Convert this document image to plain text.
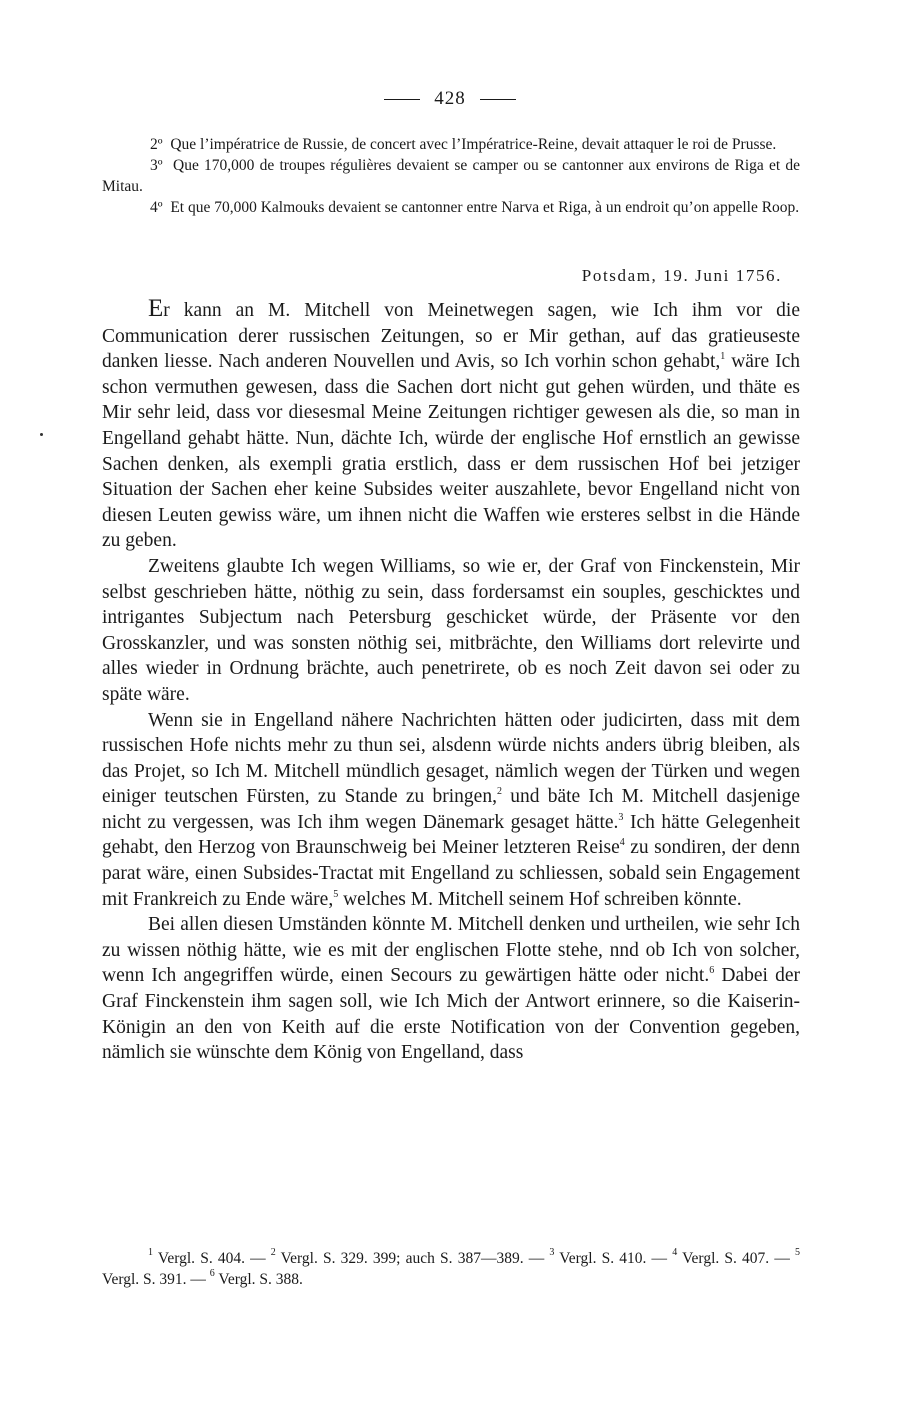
428

2º Que l’impératrice de Russie, de concert avec l’Impératrice-Reine, devait attaquer le roi de Prusse.

3º Que 170,000 de troupes régulières devaient se camper ou se cantonner aux environs de Riga et de Mitau.

4º Et que 70,000 Kalmouks devaient se cantonner entre Narva et Riga, à un endroit qu’on appelle Roop.

Potsdam, 19. Juni 1756.

Er kann an M. Mitchell von Meinetwegen sagen, wie Ich ihm vor die Communication derer russischen Zeitungen, so er Mir gethan, auf das gratieuseste danken liesse. Nach anderen Nouvellen und Avis, so Ich vorhin schon gehabt,$^1$ wäre Ich schon vermuthen gewesen, dass die Sachen dort nicht gut gehen würden, und thäte es Mir sehr leid, dass vor diesesmal Meine Zeitungen richtiger gewesen als die, so man in Engelland gehabt hätte. Nun, dächte Ich, würde der englische Hof ernstlich an gewisse Sachen denken, als exempli gratia erstlich, dass er dem russischen Hof bei jetziger Situation der Sachen eher keine Subsides weiter auszahlete, bevor Engelland nicht von diesen Leuten gewiss wäre, um ihnen nicht die Waffen wie ersteres selbst in die Hände zu geben.

Zweitens glaubte Ich wegen Williams, so wie er, der Graf von Finckenstein, Mir selbst geschrieben hätte, nöthig zu sein, dass fordersamst ein souples, geschicktes und intrigantes Subjectum nach Petersburg geschicket würde, der Präsente vor den Grosskanzler, und was sonsten nöthig sei, mitbrächte, den Williams dort relevirte und alles wieder in Ordnung brächte, auch penetrirete, ob es noch Zeit davon sei oder zu späte wäre.

Wenn sie in Engelland nähere Nachrichten hätten oder judicirten, dass mit dem russischen Hofe nichts mehr zu thun sei, alsdenn würde nichts anders übrig bleiben, als das Projet, so Ich M. Mitchell mündlich gesaget, nämlich wegen der Türken und wegen einiger teutschen Fürsten, zu Stande zu bringen,$^2$ und bäte Ich M. Mitchell dasjenige nicht zu vergessen, was Ich ihm wegen Dänemark gesaget hätte.$^3$ Ich hätte Gelegenheit gehabt, den Herzog von Braunschweig bei Meiner letzteren Reise$^4$ zu sondiren, der denn parat wäre, einen Subsides-Tractat mit Engelland zu schliessen, sobald sein Engagement mit Frankreich zu Ende wäre,$^5$ welches M. Mitchell seinem Hof schreiben könnte.

Bei allen diesen Umständen könnte M. Mitchell denken und urtheilen, wie sehr Ich zu wissen nöthig hätte, wie es mit der englischen Flotte stehe, nnd ob Ich von solcher, wenn Ich angegriffen würde, einen Secours zu gewärtigen hätte oder nicht.$^6$ Dabei der Graf Finckenstein ihm sagen soll, wie Ich Mich der Antwort erinnere, so die Kaiserin-Königin an den von Keith auf die erste Notification von der Convention gegeben, nämlich sie wünschte dem König von Engelland, dass

$^1$ Vergl. S. 404. — $^2$ Vergl. S. 329. 399; auch S. 387—389. — $^3$ Vergl. S. 410. — $^4$ Vergl. S. 407. — $^5$ Vergl. S. 391. — $^6$ Vergl. S. 388.
